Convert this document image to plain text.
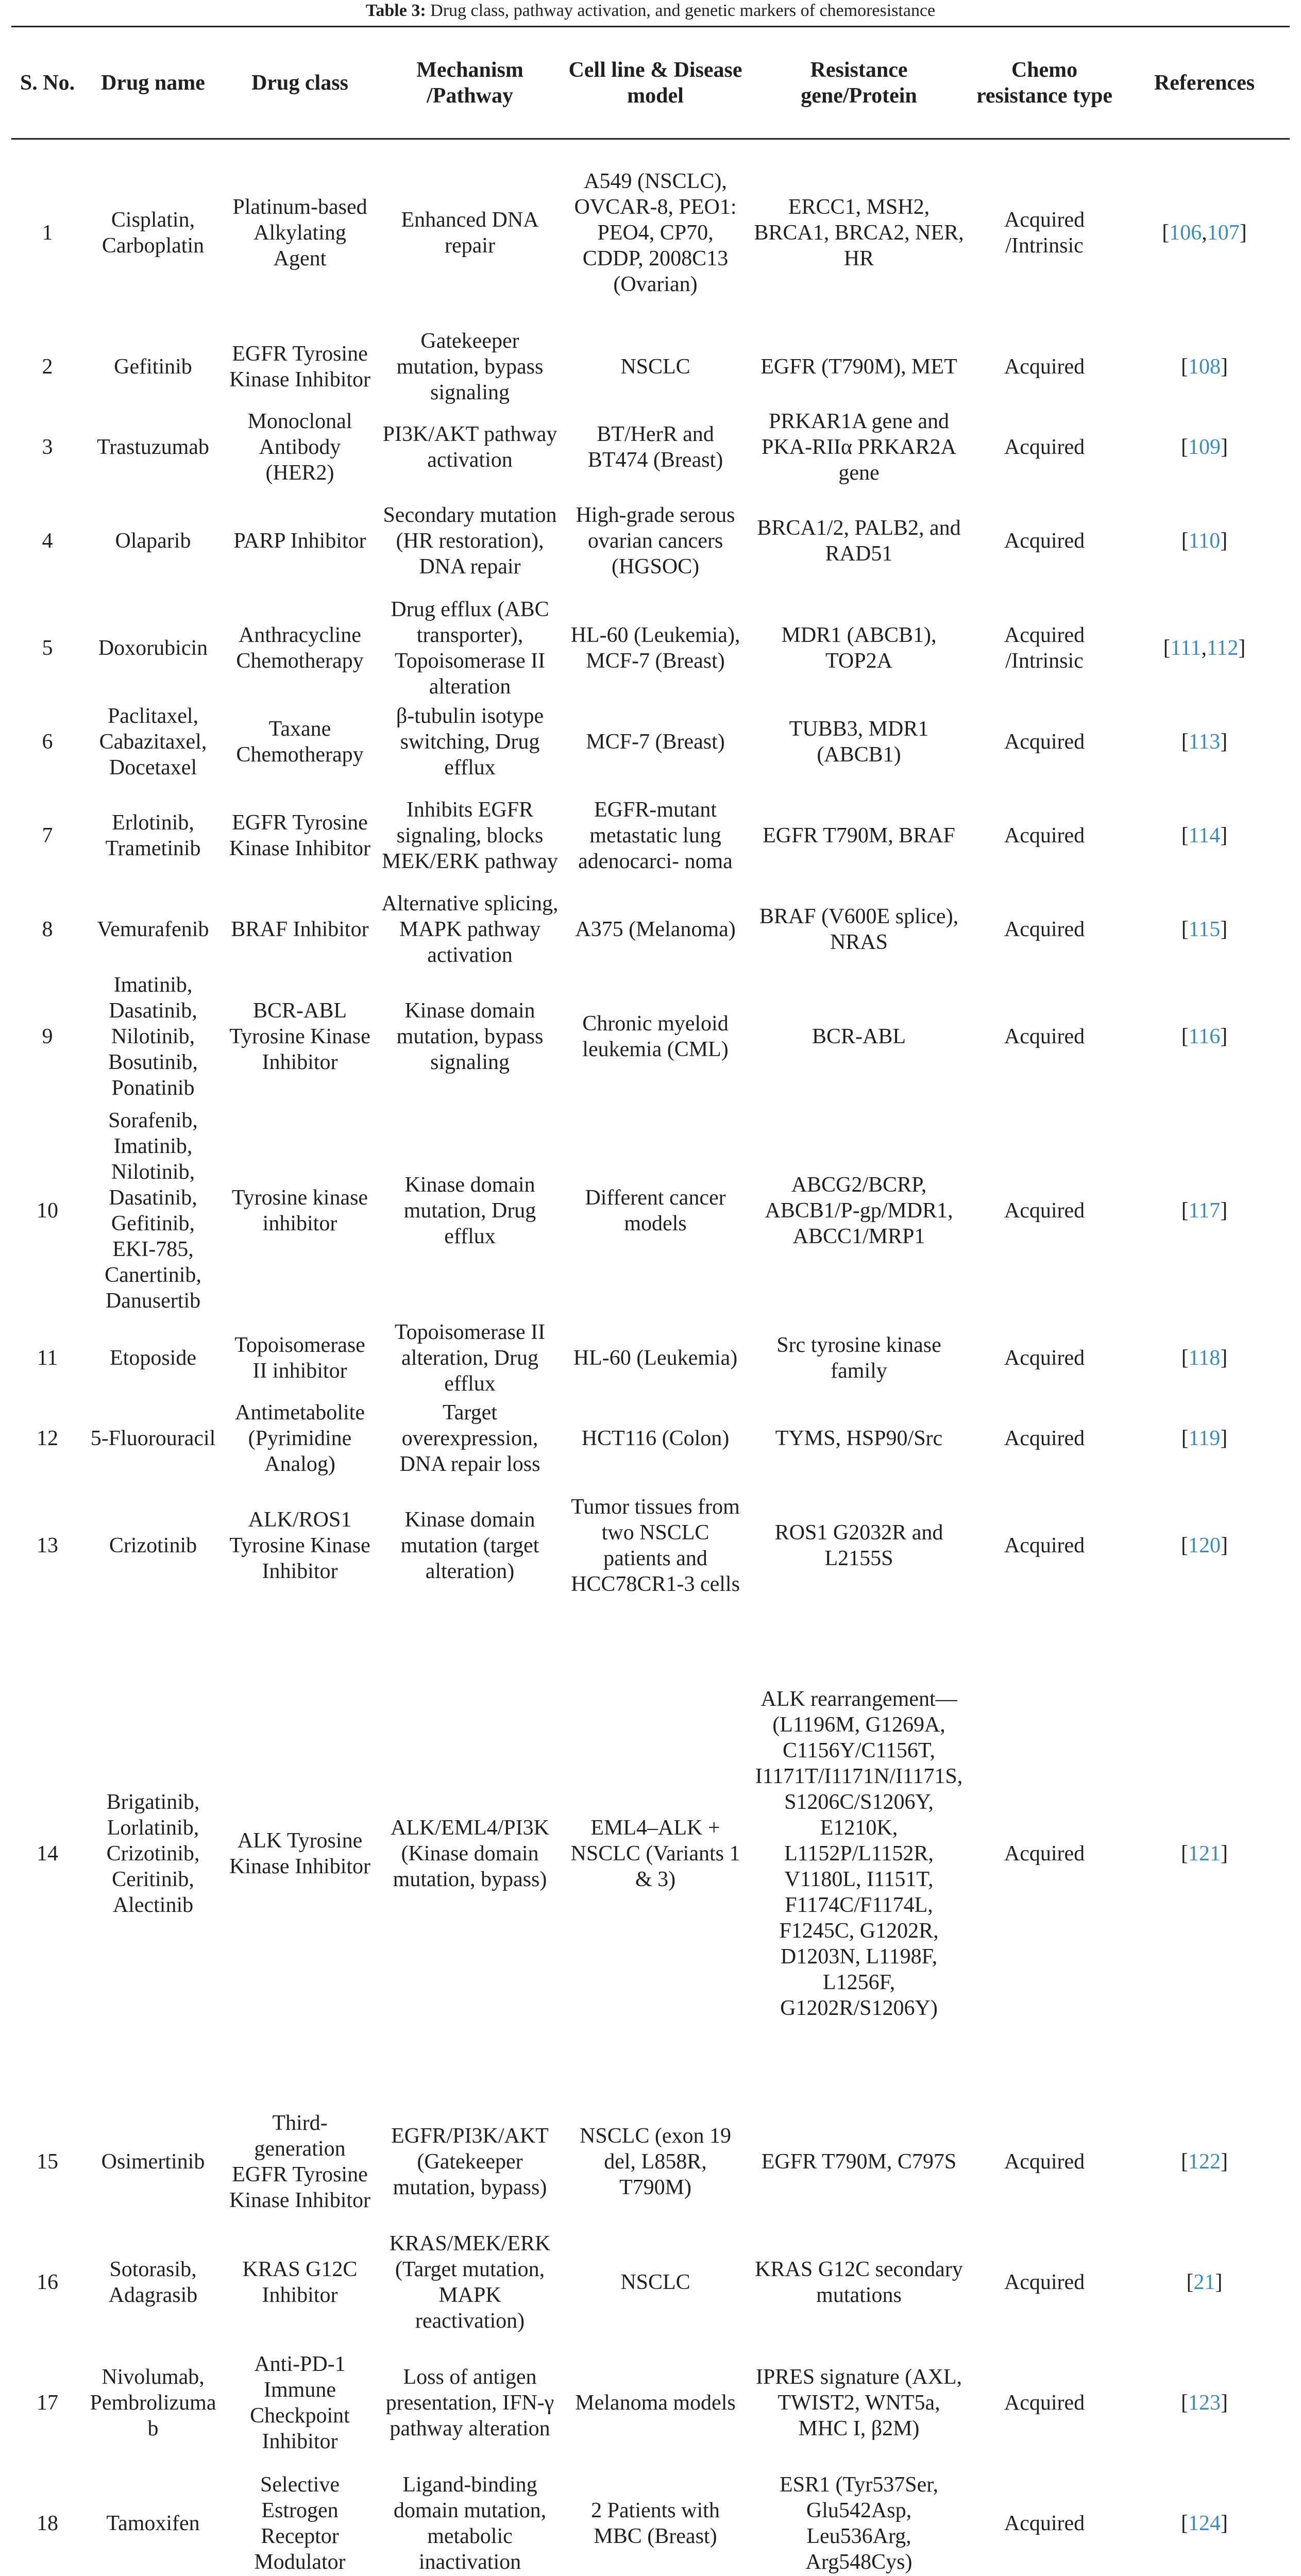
Table 3: Drug class, pathway activation, and genetic markers of chemoresistance
S. No.	Drug name	Drug class	Mechanism /Pathway	Cell line & Disease model	Resistance gene/Protein	Chemo resistance type	References
1	Cisplatin, Carboplatin	Platinum-based Alkylating Agent	Enhanced DNA repair	A549 (NSCLC), OVCAR-8, PEO1: PEO4, CP70, CDDP, 2008C13 (Ovarian)	ERCC1, MSH2, BRCA1, BRCA2, NER, HR	Acquired /Intrinsic	[106,107]
2	Gefitinib	EGFR Tyrosine Kinase Inhibitor	Gatekeeper mutation, bypass signaling	NSCLC	EGFR (T790M), MET	Acquired	[108]
3	Trastuzumab	Monoclonal Antibody (HER2)	PI3K/AKT pathway activation	BT/HerR and BT474 (Breast)	PRKAR1A gene and PKA-RIIα PRKAR2A gene	Acquired	[109]
4	Olaparib	PARP Inhibitor	Secondary mutation (HR restoration), DNA repair	High-grade serous ovarian cancers (HGSOC)	BRCA1/2, PALB2, and RAD51	Acquired	[110]
5	Doxorubicin	Anthracycline Chemotherapy	Drug efflux (ABC transporter), Topoisomerase II alteration	HL-60 (Leukemia), MCF-7 (Breast)	MDR1 (ABCB1), TOP2A	Acquired /Intrinsic	[111,112]
6	Paclitaxel, Cabazitaxel, Docetaxel	Taxane Chemotherapy	β-tubulin isotype switching, Drug efflux	MCF-7 (Breast)	TUBB3, MDR1 (ABCB1)	Acquired	[113]
7	Erlotinib, Trametinib	EGFR Tyrosine Kinase Inhibitor	Inhibits EGFR signaling, blocks MEK/ERK pathway	EGFR-mutant metastatic lung adenocarci- noma	EGFR T790M, BRAF	Acquired	[114]
8	Vemurafenib	BRAF Inhibitor	Alternative splicing, MAPK pathway activation	A375 (Melanoma)	BRAF (V600E splice), NRAS	Acquired	[115]
9	Imatinib, Dasatinib, Nilotinib, Bosutinib, Ponatinib	BCR-ABL Tyrosine Kinase Inhibitor	Kinase domain mutation, bypass signaling	Chronic myeloid leukemia (CML)	BCR-ABL	Acquired	[116]
10	Sorafenib, Imatinib, Nilotinib, Dasatinib, Gefitinib, EKI-785, Canertinib, Danusertib	Tyrosine kinase inhibitor	Kinase domain mutation, Drug efflux	Different cancer models	ABCG2/BCRP, ABCB1/P-gp/MDR1, ABCC1/MRP1	Acquired	[117]
11	Etoposide	Topoisomerase II inhibitor	Topoisomerase II alteration, Drug efflux	HL-60 (Leukemia)	Src tyrosine kinase family	Acquired	[118]
12	5-Fluorouracil	Antimetabolite (Pyrimidine Analog)	Target overexpression, DNA repair loss	HCT116 (Colon)	TYMS, HSP90/Src	Acquired	[119]
13	Crizotinib	ALK/ROS1 Tyrosine Kinase Inhibitor	Kinase domain mutation (target alteration)	Tumor tissues from two NSCLC patients and HCC78CR1-3 cells	ROS1 G2032R and L2155S	Acquired	[120]
14	Brigatinib, Lorlatinib, Crizotinib, Ceritinib, Alectinib	ALK Tyrosine Kinase Inhibitor	ALK/EML4/PI3K (Kinase domain mutation, bypass)	EML4–ALK + NSCLC (Variants 1 & 3)	ALK rearrangement—(L1196M, G1269A, C1156Y/C1156T, I1171T/I1171N/I1171S, S1206C/S1206Y, E1210K, L1152P/L1152R, V1180L, I1151T, F1174C/F1174L, F1245C, G1202R, D1203N, L1198F, L1256F, G1202R/S1206Y)	Acquired	[121]
15	Osimertinib	Third-generation EGFR Tyrosine Kinase Inhibitor	EGFR/PI3K/AKT (Gatekeeper mutation, bypass)	NSCLC (exon 19 del, L858R, T790M)	EGFR T790M, C797S	Acquired	[122]
16	Sotorasib, Adagrasib	KRAS G12C Inhibitor	KRAS/MEK/ERK (Target mutation, MAPK reactivation)	NSCLC	KRAS G12C secondary mutations	Acquired	[21]
17	Nivolumab, Pembrolizumab	Anti-PD-1 Immune Checkpoint Inhibitor	Loss of antigen presentation, IFN-γ pathway alteration	Melanoma models	IPRES signature (AXL, TWIST2, WNT5a, MHC I, β2M)	Acquired	[123]
18	Tamoxifen	Selective Estrogen Receptor Modulator	Ligand-binding domain mutation, metabolic inactivation	2 Patients with MBC (Breast)	ESR1 (Tyr537Ser, Glu542Asp, Leu536Arg, Arg548Cys)	Acquired	[124]
